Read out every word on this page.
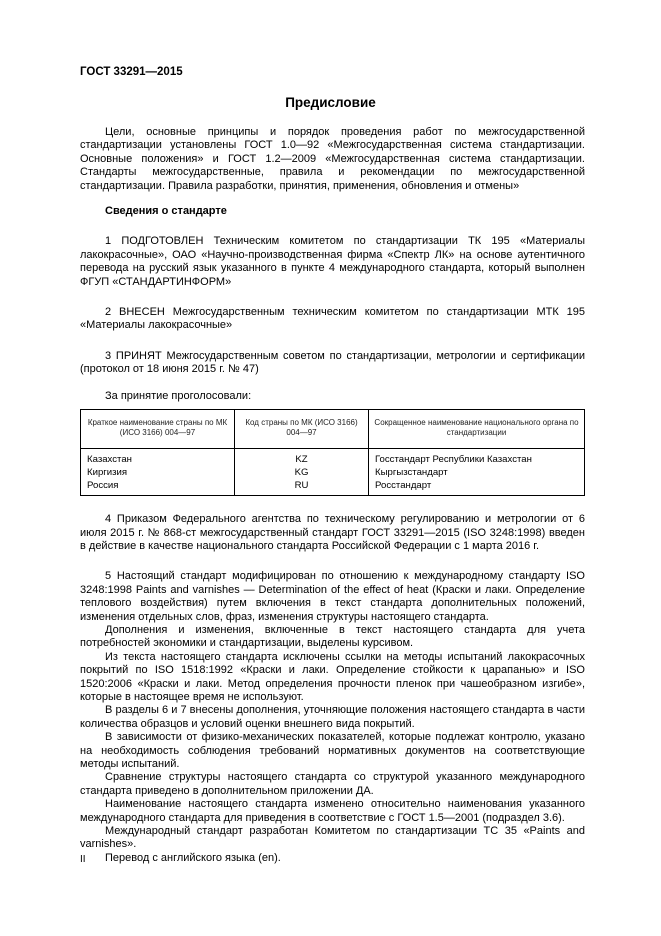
ГОСТ 33291—2015
Предисловие

Цели, основные принципы и порядок проведения работ по межгосударственной стандартизации установлены ГОСТ 1.0—92 «Межгосударственная система стандартизации. Основные положения» и ГОСТ 1.2—2009 «Межгосударственная система стандартизации. Стандарты межгосударственные, правила и рекомендации по межгосударственной стандартизации. Правила разработки, принятия, применения, обновления и отмены»

Сведения о стандарте

1 ПОДГОТОВЛЕН Техническим комитетом по стандартизации ТК 195 «Материалы лакокрасочные», ОАО «Научно-производственная фирма «Спектр ЛК» на основе аутентичного перевода на русский язык указанного в пункте 4 международного стандарта, который выполнен ФГУП «СТАНДАРТИНФОРМ»

2 ВНЕСЕН Межгосударственным техническим комитетом по стандартизации МТК 195 «Материалы лакокрасочные»

3 ПРИНЯТ Межгосударственным советом по стандартизации, метрологии и сертификации (протокол от 18 июня 2015 г. № 47)

За принятие проголосовали:

Краткое наименование страны по МК (ИСО 3166) 004—97	Код страны по МК (ИСО 3166) 004—97	Сокращенное наименование национального органа по стандартизации
Казахстан	KZ	Госстандарт Республики Казахстан
Киргизия	KG	Кыргызстандарт
Россия	RU	Росстандарт

4 Приказом Федерального агентства по техническому регулированию и метрологии от 6 июля 2015 г. № 868-ст межгосударственный стандарт ГОСТ 33291—2015 (ISO 3248:1998) введен в действие в качестве национального стандарта Российской Федерации с 1 марта 2016 г.

5 Настоящий стандарт модифицирован по отношению к международному стандарту ISO 3248:1998 Paints and varnishes — Determination of the effect of heat (Краски и лаки. Определение теплового воздействия) путем включения в текст стандарта дополнительных положений, изменения отдельных слов, фраз, изменения структуры настоящего стандарта.

Дополнения и изменения, включенные в текст настоящего стандарта для учета потребностей экономики и стандартизации, выделены курсивом.

Из текста настоящего стандарта исключены ссылки на методы испытаний лакокрасочных покрытий по ISO 1518:1992 «Краски и лаки. Определение стойкости к царапанью» и ISO 1520:2006 «Краски и лаки. Метод определения прочности пленок при чашеобразном изгибе», которые в настоящее время не используют.

В разделы 6 и 7 внесены дополнения, уточняющие положения настоящего стандарта в части количества образцов и условий оценки внешнего вида покрытий.

В зависимости от физико-механических показателей, которые подлежат контролю, указано на необходимость соблюдения требований нормативных документов на соответствующие методы испытаний.

Сравнение структуры настоящего стандарта со структурой указанного международного стандарта приведено в дополнительном приложении ДА.

Наименование настоящего стандарта изменено относительно наименования указанного международного стандарта для приведения в соответствие с ГОСТ 1.5—2001 (подраздел 3.6).

Международный стандарт разработан Комитетом по стандартизации ТС 35 «Paints and varnishes».

Перевод с английского языка (en).

II
